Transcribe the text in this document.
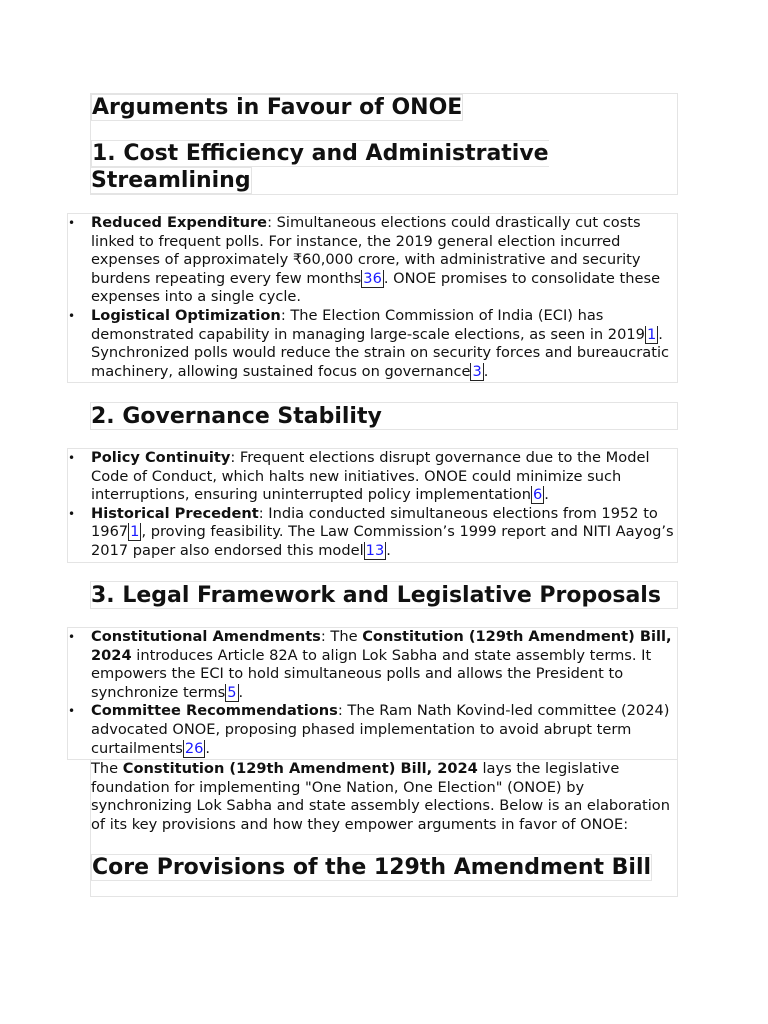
Arguments in Favour of ONOE
1. Cost Efficiency and Administrative Streamlining

• Reduced Expenditure: Simultaneous elections could drastically cut costs linked to frequent polls. For instance, the 2019 general election incurred expenses of approximately ₹60,000 crore, with administrative and security burdens repeating every few months 36 . ONOE promises to consolidate these expenses into a single cycle.

• Logistical Optimization: The Election Commission of India (ECI) has demonstrated capability in managing large-scale elections, as seen in 2019 1 . Synchronized polls would reduce the strain on security forces and bureaucratic machinery, allowing sustained focus on governance 3 .

2. Governance Stability

• Policy Continuity: Frequent elections disrupt governance due to the Model Code of Conduct, which halts new initiatives. ONOE could minimize such interruptions, ensuring uninterrupted policy implementation 6 .

• Historical Precedent: India conducted simultaneous elections from 1952 to 1967 1 , proving feasibility. The Law Commission’s 1999 report and NITI Aayog’s 2017 paper also endorsed this model 13 .

3. Legal Framework and Legislative Proposals

• Constitutional Amendments: The Constitution (129th Amendment) Bill, 2024 introduces Article 82A to align Lok Sabha and state assembly terms. It empowers the ECI to hold simultaneous polls and allows the President to synchronize terms 5 .

• Committee Recommendations: The Ram Nath Kovind-led committee (2024) advocated ONOE, proposing phased implementation to avoid abrupt term curtailments 26 .

The Constitution (129th Amendment) Bill, 2024 lays the legislative foundation for implementing "One Nation, One Election" (ONOE) by synchronizing Lok Sabha and state assembly elections. Below is an elaboration of its key provisions and how they empower arguments in favor of ONOE:

Core Provisions of the 129th Amendment Bill
